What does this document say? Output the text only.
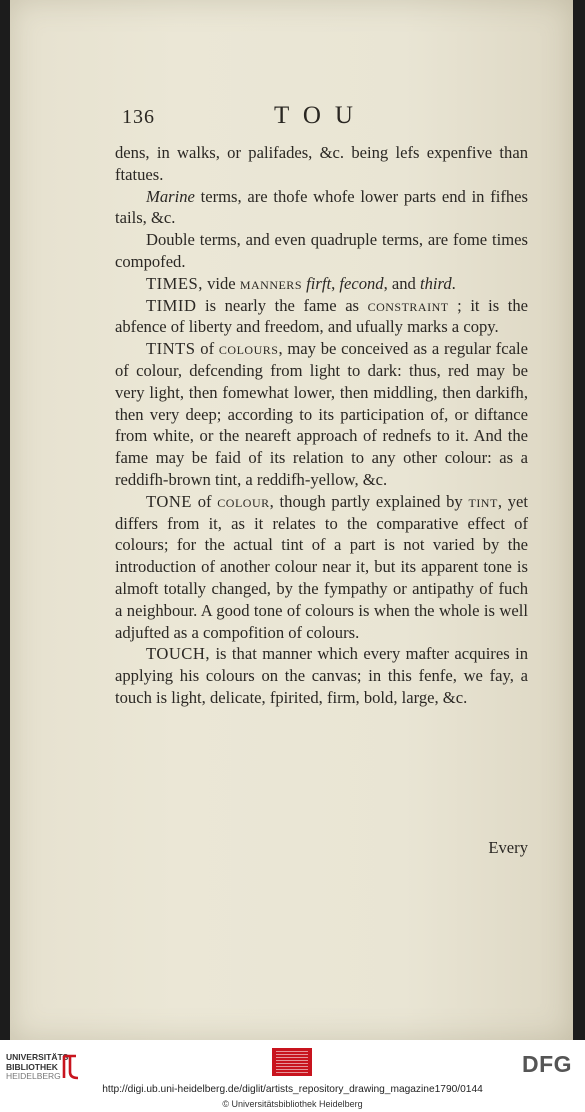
136	TOU

dens, in walks, or palifades, &c. being lefs expenfive than ftatues.

Marine terms, are thofe whofe lower parts end in fifhes tails, &c.

Double terms, and even quadruple terms, are fome times compofed.

TIMES, vide manners firft, fecond, and third.

TIMID is nearly the fame as constraint ; it is the abfence of liberty and freedom, and ufually marks a copy.

TINTS of colours, may be conceived as a regular fcale of colour, defcending from light to dark: thus, red may be very light, then fomewhat lower, then middling, then darkifh, then very deep; according to its participation of, or diftance from white, or the neareft approach of rednefs to it. And the fame may be faid of its relation to any other colour: as a reddifh-brown tint, a reddifh-yellow, &c.

TONE of colour, though partly explained by tint, yet differs from it, as it relates to the comparative effect of colours; for the actual tint of a part is not varied by the introduction of another colour near it, but its apparent tone is almoft totally changed, by the fympathy or antipathy of fuch a neighbour. A good tone of colours is when the whole is well adjufted as a compofition of colours.

TOUCH, is that manner which every mafter acquires in applying his colours on the canvas; in this fenfe, we fay, a touch is light, delicate, fpirited, firm, bold, large, &c.

Every
UNIVERSITÄTS-
BIBLIOTHEK
HEIDELBERG	DFG
http://digi.ub.uni-heidelberg.de/diglit/artists_repository_drawing_magazine1790/0144
© Universitätsbibliothek Heidelberg
